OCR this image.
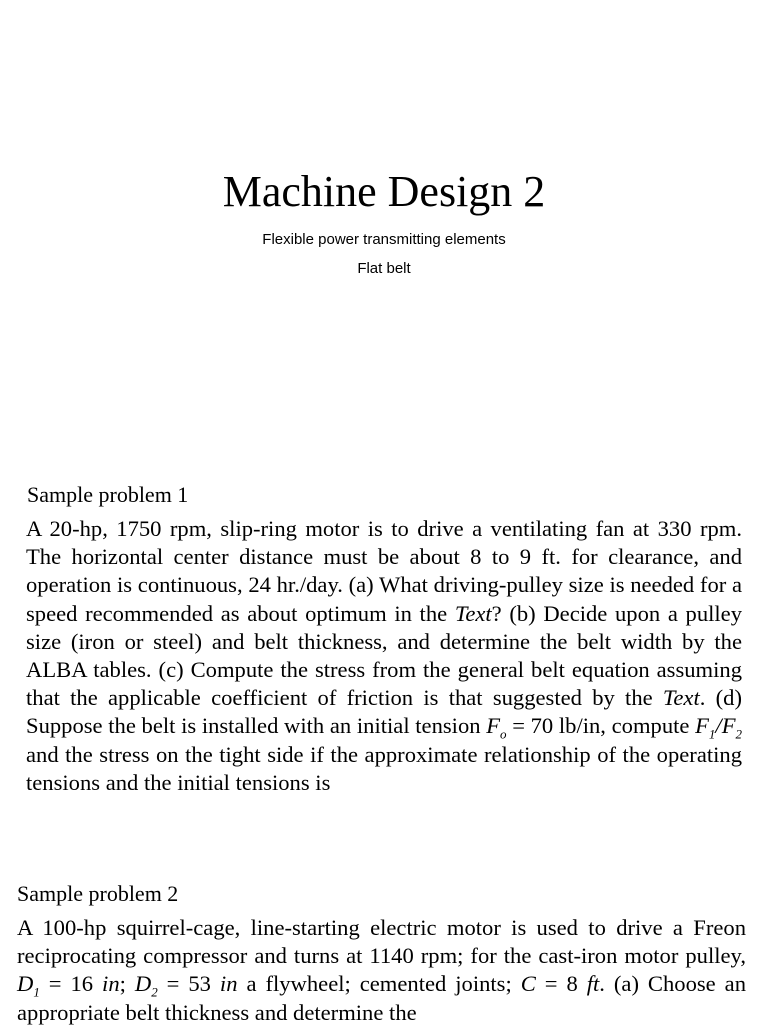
Machine Design 2
Flexible power transmitting elements
Flat belt
Sample problem 1

A 20-hp, 1750 rpm, slip-ring motor is to drive a ventilating fan at 330 rpm. The horizontal center distance must be about 8 to 9 ft. for clearance, and operation is continuous, 24 hr./day. (a) What driving-pulley size is needed for a speed recommended as about optimum in the Text? (b) Decide upon a pulley size (iron or steel) and belt thickness, and determine the belt width by the ALBA tables. (c) Compute the stress from the general belt equation assuming that the applicable coefficient of friction is that suggested by the Text. (d) Suppose the belt is installed with an initial tension $F_o = 70$ lb/in, compute $F_1/F_2$ and the stress on the tight side if the approximate relationship of the operating tensions and the initial tensions is

Sample problem 2

A 100-hp squirrel-cage, line-starting electric motor is used to drive a Freon reciprocating compressor and turns at 1140 rpm; for the cast-iron motor pulley, $D_1 = 16$ in; $D_2 = 53$ in a flywheel; cemented joints; C = 8 ft. (a) Choose an appropriate belt thickness and determine the
